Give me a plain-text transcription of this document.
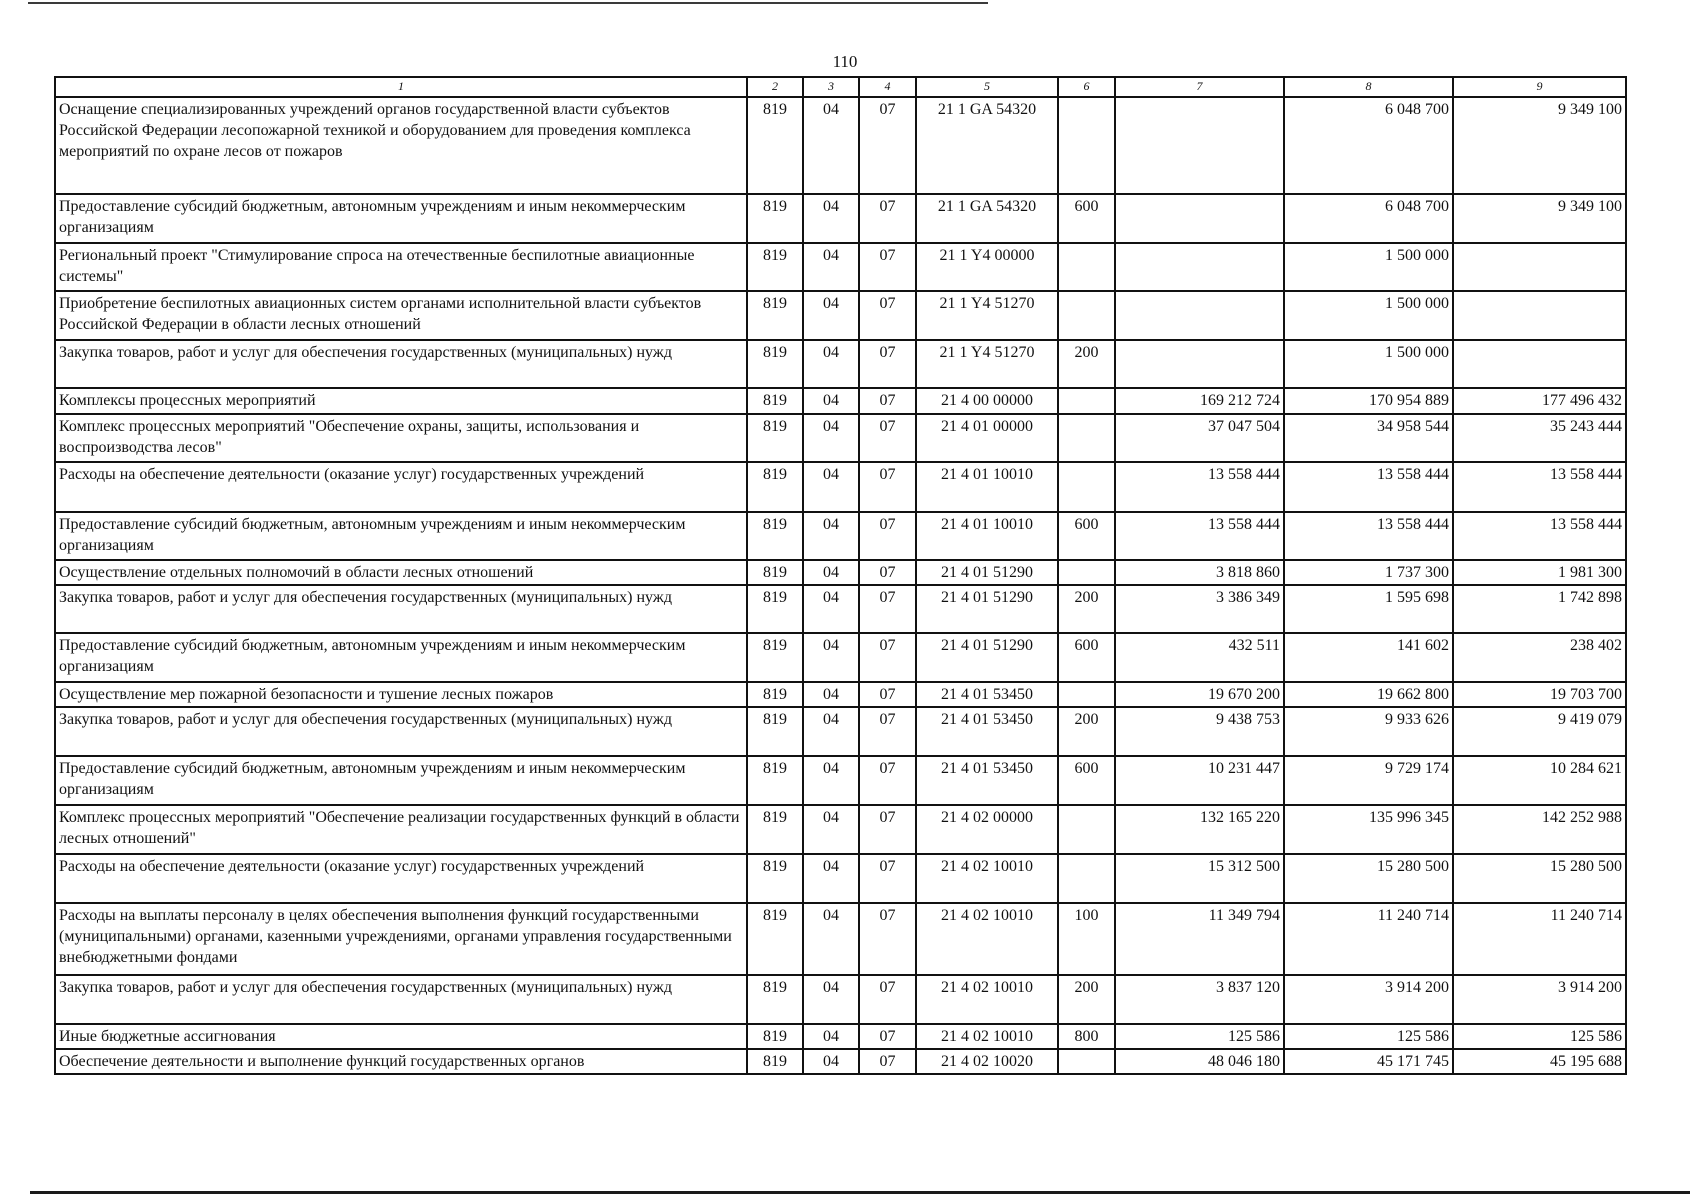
110
1	2	3	4	5	6	7	8	9
Оснащение специализированных учреждений органов государственной власти субъектов Российской Федерации лесопожарной техникой и оборудованием для проведения комплекса мероприятий по охране лесов от пожаров	819	04	07	21 1 GA 54320			6 048 700	9 349 100
Предоставление субсидий бюджетным, автономным учреждениям и иным некоммерческим организациям	819	04	07	21 1 GA 54320	600		6 048 700	9 349 100
Региональный проект "Стимулирование спроса на отечественные беспилотные авиационные системы"	819	04	07	21 1 Y4 00000			1 500 000	
Приобретение беспилотных авиационных систем органами исполнительной власти субъектов Российской Федерации в области лесных отношений	819	04	07	21 1 Y4 51270			1 500 000	
Закупка товаров, работ и услуг для обеспечения государственных (муниципальных) нужд	819	04	07	21 1 Y4 51270	200		1 500 000	
Комплексы процессных мероприятий	819	04	07	21 4 00 00000		169 212 724	170 954 889	177 496 432
Комплекс процессных мероприятий "Обеспечение охраны, защиты, использования и воспроизводства лесов"	819	04	07	21 4 01 00000		37 047 504	34 958 544	35 243 444
Расходы на обеспечение деятельности (оказание услуг) государственных учреждений	819	04	07	21 4 01 10010		13 558 444	13 558 444	13 558 444
Предоставление субсидий бюджетным, автономным учреждениям и иным некоммерческим организациям	819	04	07	21 4 01 10010	600	13 558 444	13 558 444	13 558 444
Осуществление отдельных полномочий в области лесных отношений	819	04	07	21 4 01 51290		3 818 860	1 737 300	1 981 300
Закупка товаров, работ и услуг для обеспечения государственных (муниципальных) нужд	819	04	07	21 4 01 51290	200	3 386 349	1 595 698	1 742 898
Предоставление субсидий бюджетным, автономным учреждениям и иным некоммерческим организациям	819	04	07	21 4 01 51290	600	432 511	141 602	238 402
Осуществление мер пожарной безопасности и тушение лесных пожаров	819	04	07	21 4 01 53450		19 670 200	19 662 800	19 703 700
Закупка товаров, работ и услуг для обеспечения государственных (муниципальных) нужд	819	04	07	21 4 01 53450	200	9 438 753	9 933 626	9 419 079
Предоставление субсидий бюджетным, автономным учреждениям и иным некоммерческим организациям	819	04	07	21 4 01 53450	600	10 231 447	9 729 174	10 284 621
Комплекс процессных мероприятий "Обеспечение реализации государственных функций в области лесных отношений"	819	04	07	21 4 02 00000		132 165 220	135 996 345	142 252 988
Расходы на обеспечение деятельности (оказание услуг) государственных учреждений	819	04	07	21 4 02 10010		15 312 500	15 280 500	15 280 500
Расходы на выплаты персоналу в целях обеспечения выполнения функций государственными (муниципальными) органами, казенными учреждениями, органами управления государственными внебюджетными фондами	819	04	07	21 4 02 10010	100	11 349 794	11 240 714	11 240 714
Закупка товаров, работ и услуг для обеспечения государственных (муниципальных) нужд	819	04	07	21 4 02 10010	200	3 837 120	3 914 200	3 914 200
Иные бюджетные ассигнования	819	04	07	21 4 02 10010	800	125 586	125 586	125 586
Обеспечение деятельности и выполнение функций государственных органов	819	04	07	21 4 02 10020		48 046 180	45 171 745	45 195 688
